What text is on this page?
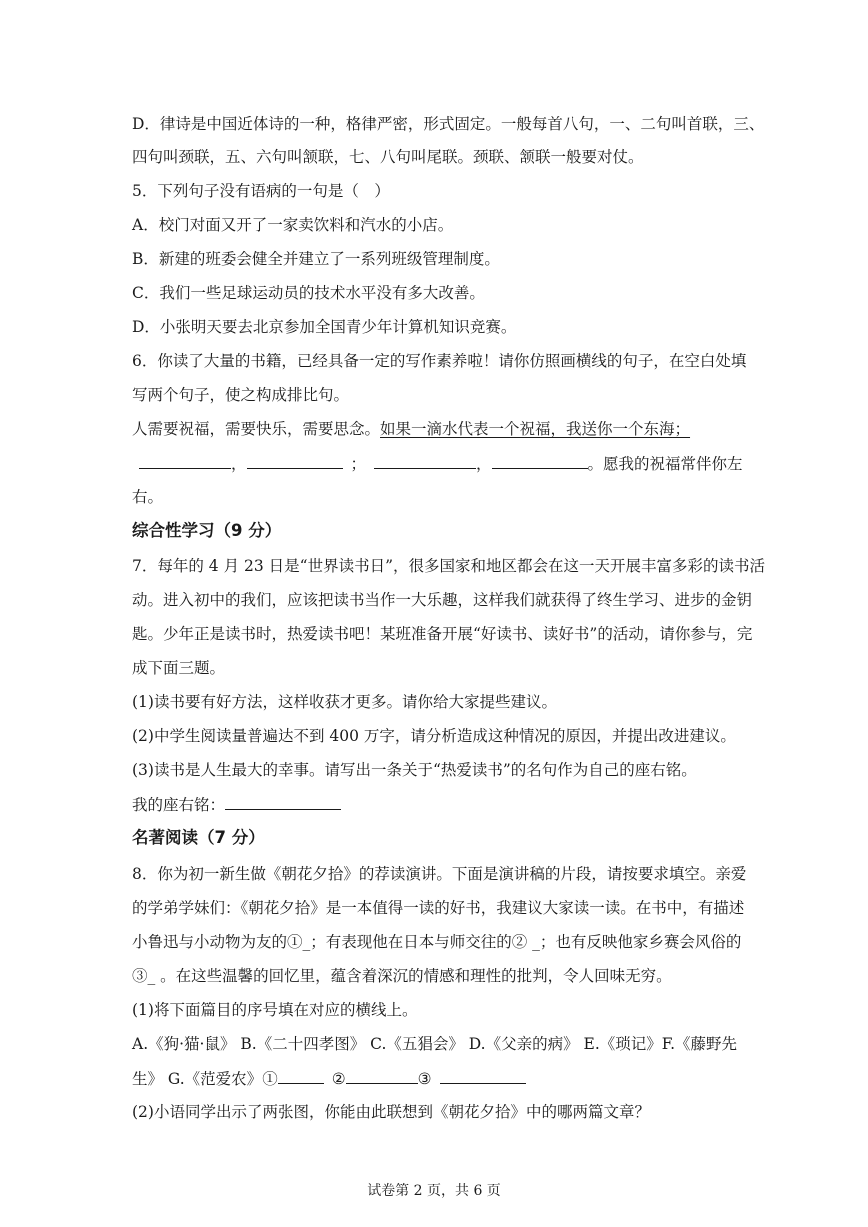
D．律诗是中国近体诗的一种，格律严密，形式固定。一般每首八句，一、二句叫首联，三、
四句叫颈联，五、六句叫颔联，七、八句叫尾联。颈联、颔联一般要对仗。
5．下列句子没有语病的一句是（　）
A．校门对面又开了一家卖饮料和汽水的小店。
B．新建的班委会健全并建立了一系列班级管理制度。
C．我们一些足球运动员的技术水平没有多大改善。
D．小张明天要去北京参加全国青少年计算机知识竞赛。
6．你读了大量的书籍，已经具备一定的写作素养啦！请你仿照画横线的句子，在空白处填
写两个句子，使之构成排比句。
人需要祝福，需要快乐，需要思念。如果一滴水代表一个祝福，我送你一个东海；
，	；	，	。愿我的祝福常伴你左
右。
综合性学习（9 分）
7．每年的 4 月 23 日是“世界读书日”，很多国家和地区都会在这一天开展丰富多彩的读书活
动。进入初中的我们，应该把读书当作一大乐趣，这样我们就获得了终生学习、进步的金钥
匙。少年正是读书时，热爱读书吧！某班准备开展“好读书、读好书”的活动，请你参与，完
成下面三题。
(1)读书要有好方法，这样收获才更多。请你给大家提些建议。
(2)中学生阅读量普遍达不到 400 万字，请分析造成这种情况的原因，并提出改进建议。
(3)读书是人生最大的幸事。请写出一条关于“热爱读书”的名句作为自己的座右铭。
我的座右铭：
名著阅读（7 分）
8．你为初一新生做《朝花夕拾》的荐读演讲。下面是演讲稿的片段，请按要求填空。亲爱
的学弟学妹们：《朝花夕拾》是一本值得一读的好书，我建议大家读一读。在书中，有描述
小鲁迅与小动物为友的①_；有表现他在日本与师交往的② _；也有反映他家乡赛会风俗的
③_ 。在这些温馨的回忆里，蕴含着深沉的情感和理性的批判，令人回味无穷。
(1)将下面篇目的序号填在对应的横线上。
A.《狗·猫·鼠》 B.《二十四孝图》 C.《五猖会》 D.《父亲的病》 E.《琐记》F.《藤野先
生》 G.《范爱农》①	②	③
(2)小语同学出示了两张图，你能由此联想到《朝花夕拾》中的哪两篇文章？
试卷第 2 页，共 6 页
